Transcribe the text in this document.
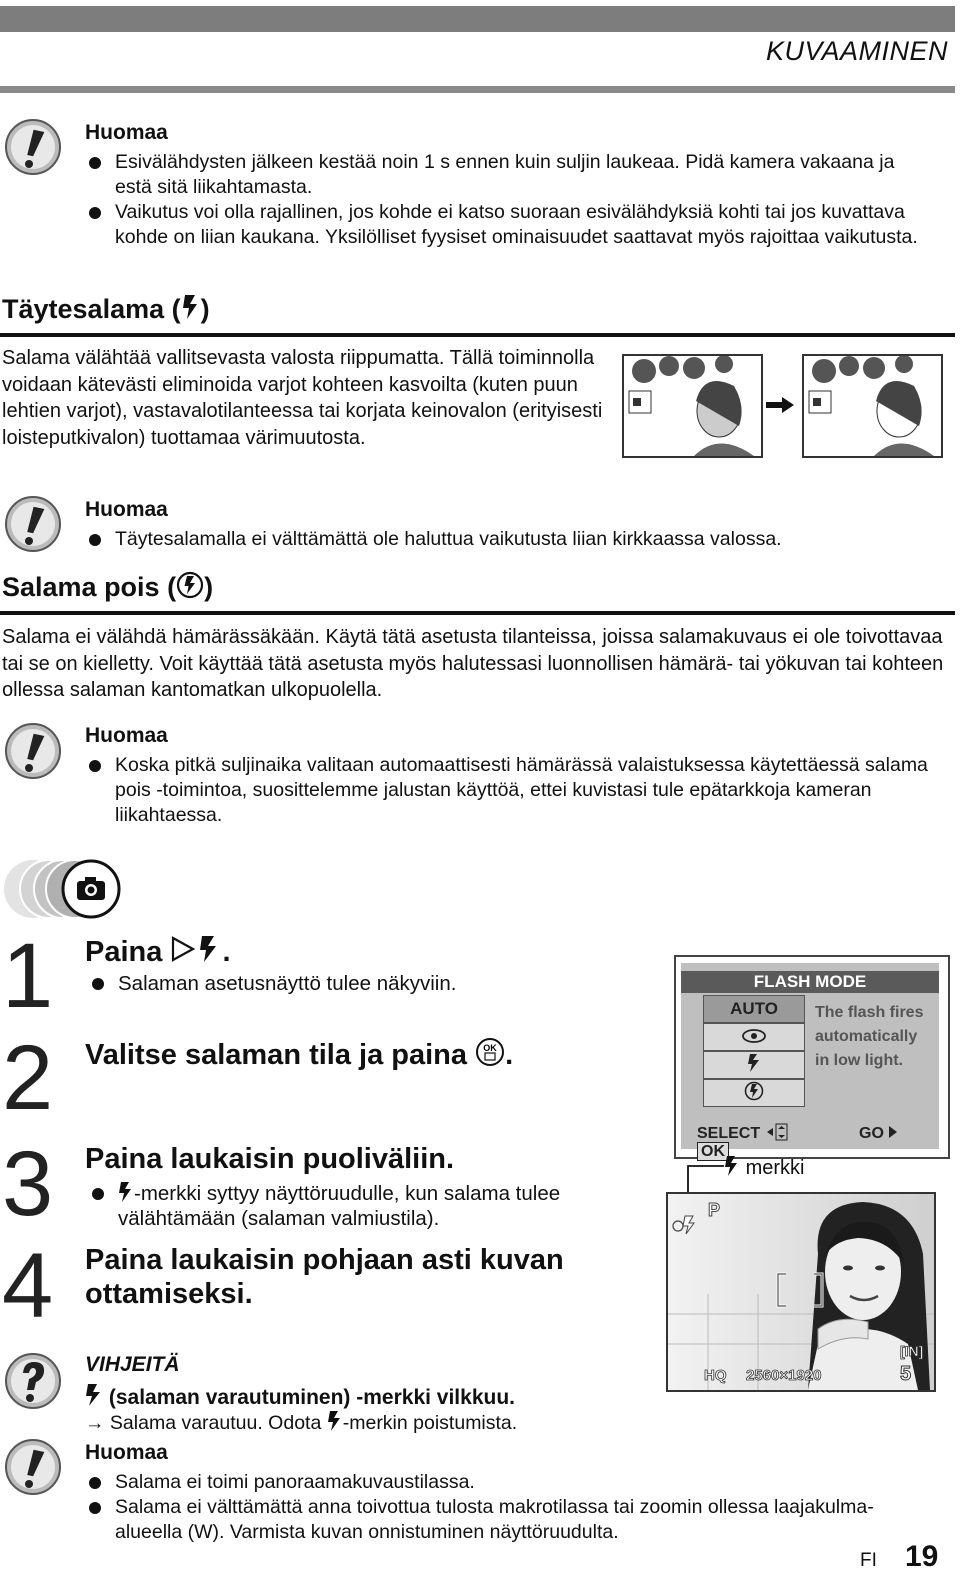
KUVAAMINEN
Huomaa
Esivälähdysten jälkeen kestää noin 1 s ennen kuin suljin laukeaa. Pidä kamera vakaana ja estä sitä liikahtamasta.
Vaikutus voi olla rajallinen, jos kohde ei katso suoraan esivälähdyksiä kohti tai jos kuvattava kohde on liian kaukana. Yksilölliset fyysiset ominaisuudet saattavat myös rajoittaa vaikutusta.
Täytesalama ( )
Salama välähtää vallitsevasta valosta riippumatta. Tällä toiminnolla voidaan kätevästi eliminoida varjot kohteen kasvoilta (kuten puun lehtien varjot), vastavalotilanteessa tai korjata keinovalon (erityisesti loisteputkivalon) tuottamaa värimuutosta.
Huomaa
Täytesalamalla ei välttämättä ole haluttua vaikutusta liian kirkkaassa valossa.
Salama pois ( )
Salama ei välähdä hämärässäkään. Käytä tätä asetusta tilanteissa, joissa salamakuvaus ei ole toivottavaa tai se on kielletty. Voit käyttää tätä asetusta myös halutessasi luonnollisen hämärä- tai yökuvan tai kohteen ollessa salaman kantomatkan ulkopuolella.
Huomaa
Koska pitkä suljinaika valitaan automaattisesti hämärässä valaistuksessa käytettäessä salama pois -toimintoa, suosittelemme jalustan käyttöä, ettei kuvistasi tule epätarkkoja kameran liikahtaessa.
1 Paina .
Salaman asetusnäyttö tulee näkyviin.
2 Valitse salaman tila ja paina OK .
3 Paina laukaisin puoliväliin.
-merkki syttyy näyttöruudulle, kun salama tulee välähtämään (salaman valmiustila).
4 Paina laukaisin pohjaan asti kuvan ottamiseksi.
FLASH MODE
AUTO	The flash fires automatically in low light.
SELECT	GO  OK
merkki
P
[IN]
5
HQ 2560×1920
VIHJEITÄ
(salaman varautuminen) -merkki vilkkuu.
→ Salama varautuu. Odota -merkin poistumista.
Huomaa
Salama ei toimi panoraamakuvaustilassa.
Salama ei välttämättä anna toivottua tulosta makrotilassa tai zoomin ollessa laajakulma-alueella (W). Varmista kuvan onnistuminen näyttöruudulta.
FI 19
